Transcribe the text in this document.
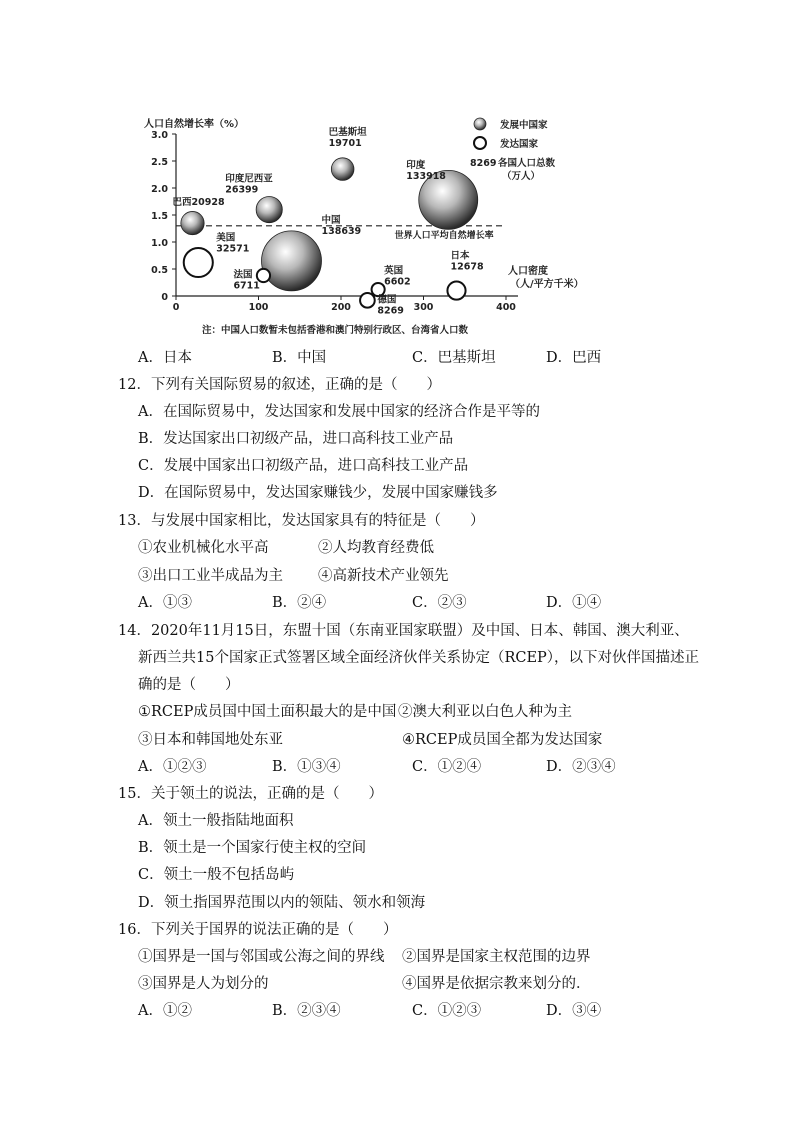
人口自然增长率（%）
人口密度
（人/平方千米）
0
0.5
1.0
1.5
2.0
2.5
3.0
0	100	200	300	400
世界人口平均自然增长率
巴西20928
印度尼西亚
26399
巴基斯坦
19701
印度
133918
中国
138639
美国
32571
法国
6711
英国
6602
德国
8269
日本
12678
发展中国家
发达国家
8269 各国人口总数
（万人）
注：中国人口数暂未包括香港和澳门特别行政区、台湾省人口数
A．日本	B．中国	C．巴基斯坦	D．巴西
12．下列有关国际贸易的叙述，正确的是（　　）
A．在国际贸易中，发达国家和发展中国家的经济合作是平等的
B．发达国家出口初级产品，进口高科技工业产品
C．发展中国家出口初级产品，进口高科技工业产品
D．在国际贸易中，发达国家赚钱少，发展中国家赚钱多
13．与发展中国家相比，发达国家具有的特征是（　　）
①农业机械化水平高	②人均教育经费低
③出口工业半成品为主 ④高新技术产业领先
A．①③	B．②④	C．②③	D．①④
14．2020年11月15日，东盟十国（东南亚国家联盟）及中国、日本、韩国、澳大利亚、
新西兰共15个国家正式签署区域全面经济伙伴关系协定（RCEP），以下对伙伴国描述正
确的是（　　）
①RCEP成员国中国土面积最大的是中国 ②澳大利亚以白色人种为主
③日本和韩国地处东亚	④RCEP成员国全都为发达国家
A．①②③	B．①③④	C．①②④	D．②③④
15．关于领土的说法，正确的是（　　）
A．领土一般指陆地面积
B．领土是一个国家行使主权的空间
C．领土一般不包括岛屿
D．领土指国界范围以内的领陆、领水和领海
16．下列关于国界的说法正确的是（　　）
①国界是一国与邻国或公海之间的界线 ②国界是国家主权范围的边界
③国界是人为划分的	④国界是依据宗教来划分的．
A．①②	B．②③④	C．①②③	D．③④
